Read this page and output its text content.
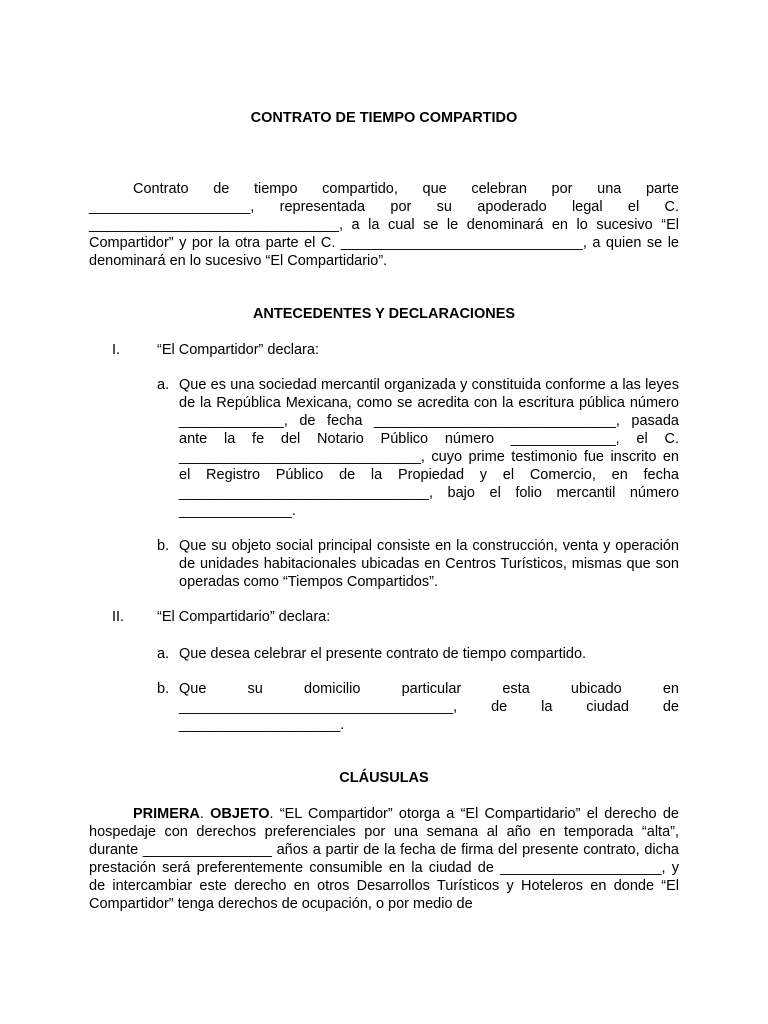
CONTRATO DE TIEMPO COMPARTIDO

Contrato de tiempo compartido, que celebran por una parte ____________________, representada por su apoderado legal el C. _______________________________, a la cual se le denominará en lo sucesivo “El Compartidor” y por la otra parte el C. ______________________________, a quien se le denominará en lo sucesivo “El Compartidario”.

ANTECEDENTES Y DECLARACIONES
I.	“El Compartidor” declara:

a. Que es una sociedad mercantil organizada y constituida conforme a las leyes de la República Mexicana, como se acredita con la escritura pública número _____________, de fecha ______________________________, pasada ante la fe del Notario Público número _____________, el C. ______________________________, cuyo prime testimonio fue inscrito en el Registro Público de la Propiedad y el Comercio, en fecha _______________________________, bajo el folio mercantil número ______________.

b. Que su objeto social principal consiste en la construcción, venta y operación de unidades habitacionales ubicadas en Centros Turísticos, mismas que son operadas como “Tiempos Compartidos”.

II. “El Compartidario” declara:

a. Que desea celebrar el presente contrato de tiempo compartido.

b. Que su domicilio particular esta ubicado en __________________________________, de la ciudad de ____________________.

CLÁUSULAS

PRIMERA. OBJETO. “EL Compartidor” otorga a “El Compartidario” el derecho de hospedaje con derechos preferenciales por una semana al año en temporada “alta”, durante ________________ años a partir de la fecha de firma del presente contrato, dicha prestación será preferentemente consumible en la ciudad de ____________________, y de intercambiar este derecho en otros Desarrollos Turísticos y Hoteleros en donde “El Compartidor” tenga derechos de ocupación, o por medio de
